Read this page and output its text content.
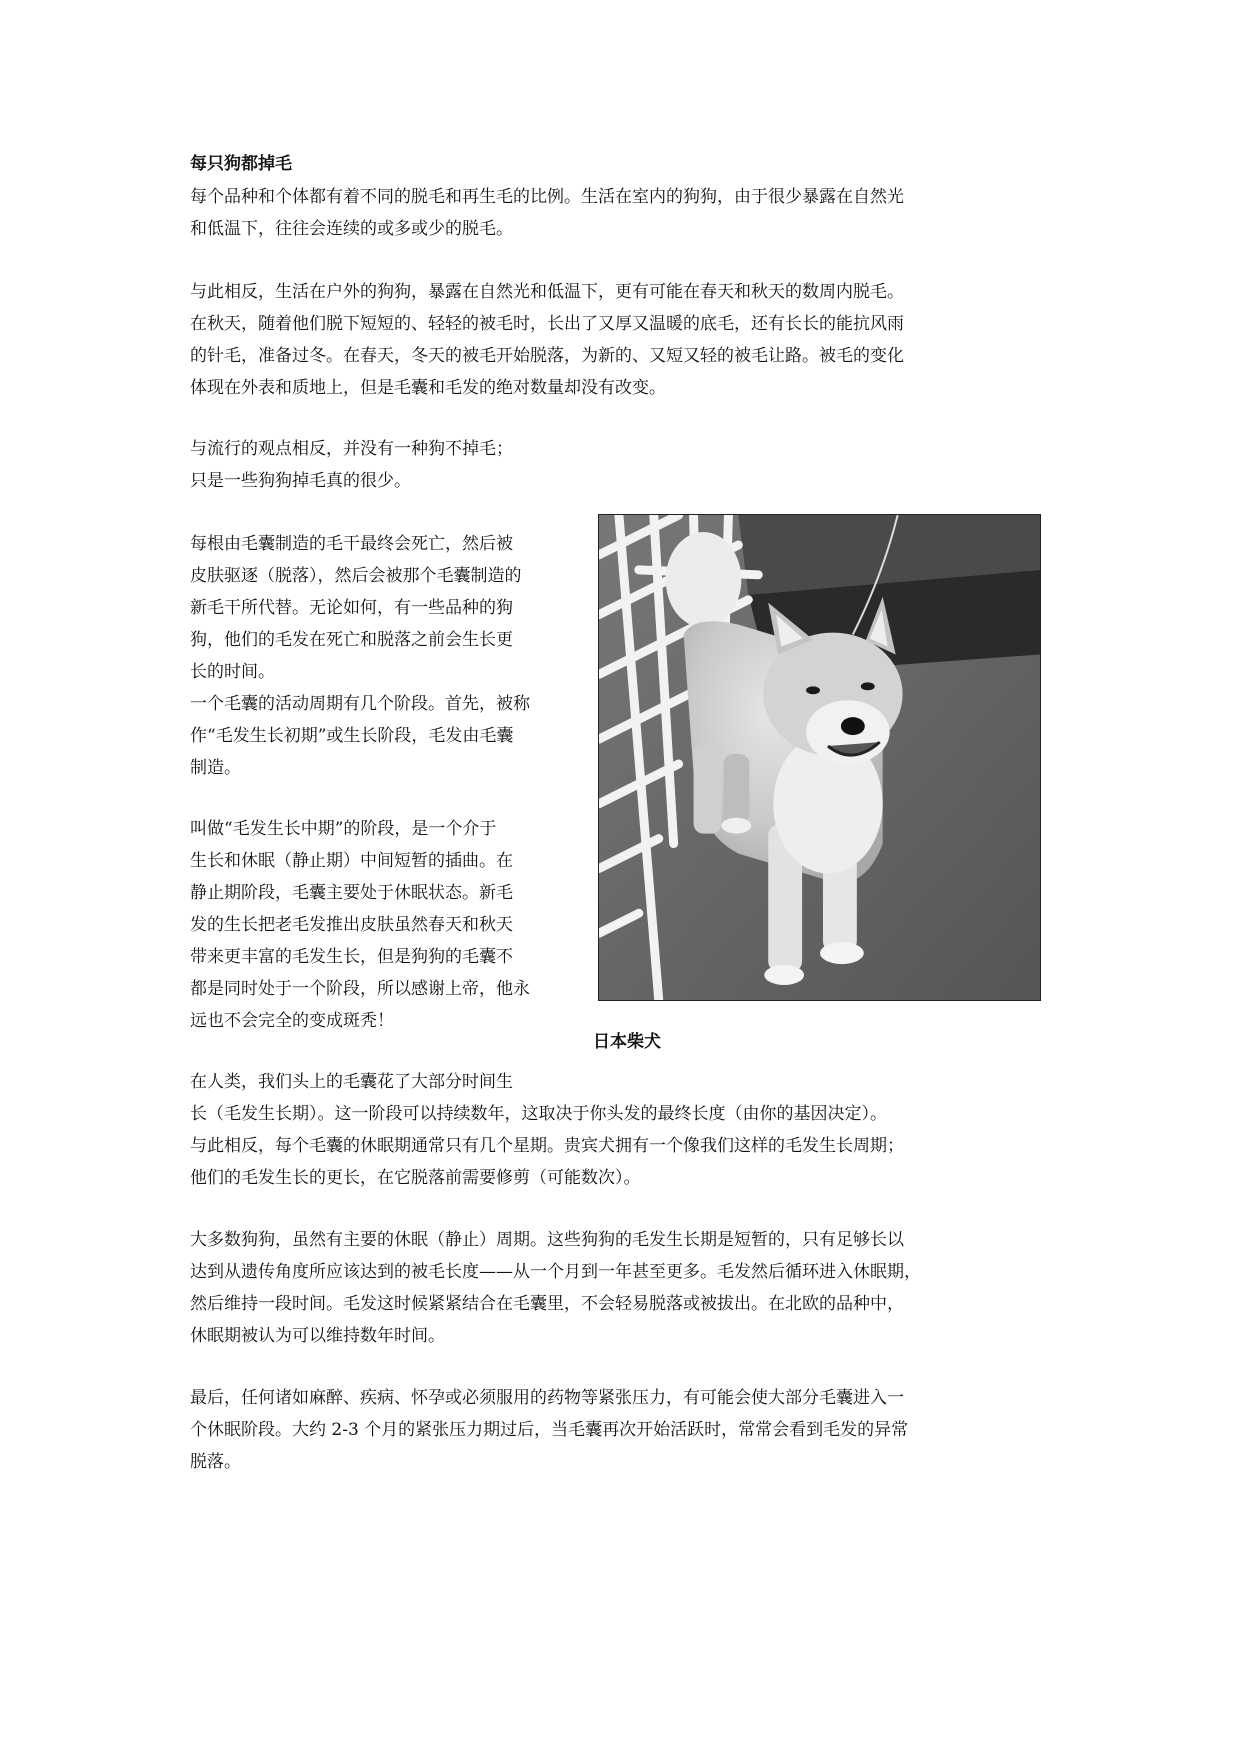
每只狗都掉毛
每个品种和个体都有着不同的脱毛和再生毛的比例。生活在室内的狗狗，由于很少暴露在自然光
和低温下，往往会连续的或多或少的脱毛。
与此相反，生活在户外的狗狗，暴露在自然光和低温下，更有可能在春天和秋天的数周内脱毛。
在秋天，随着他们脱下短短的、轻轻的被毛时，长出了又厚又温暖的底毛，还有长长的能抗风雨
的针毛，准备过冬。在春天，冬天的被毛开始脱落，为新的、又短又轻的被毛让路。被毛的变化
体现在外表和质地上，但是毛囊和毛发的绝对数量却没有改变。
与流行的观点相反，并没有一种狗不掉毛；
只是一些狗狗掉毛真的很少。
每根由毛囊制造的毛干最终会死亡，然后被
皮肤驱逐（脱落），然后会被那个毛囊制造的
新毛干所代替。无论如何，有一些品种的狗
狗，他们的毛发在死亡和脱落之前会生长更
长的时间。
一个毛囊的活动周期有几个阶段。首先，被称
作“毛发生长初期”或生长阶段，毛发由毛囊
制造。
叫做“毛发生长中期”的阶段，是一个介于
生长和休眠（静止期）中间短暂的插曲。在
静止期阶段，毛囊主要处于休眠状态。新毛
发的生长把老毛发推出皮肤虽然春天和秋天
带来更丰富的毛发生长，但是狗狗的毛囊不
都是同时处于一个阶段，所以感谢上帝，他永
远也不会完全的变成斑秃！
在人类，我们头上的毛囊花了大部分时间生
长（毛发生长期）。这一阶段可以持续数年，这取决于你头发的最终长度（由你的基因决定）。
与此相反，每个毛囊的休眠期通常只有几个星期。贵宾犬拥有一个像我们这样的毛发生长周期；
他们的毛发生长的更长，在它脱落前需要修剪（可能数次）。
大多数狗狗，虽然有主要的休眠（静止）周期。这些狗狗的毛发生长期是短暂的，只有足够长以
达到从遗传角度所应该达到的被毛长度——从一个月到一年甚至更多。毛发然后循环进入休眠期，
然后维持一段时间。毛发这时候紧紧结合在毛囊里，不会轻易脱落或被拔出。在北欧的品种中，
休眠期被认为可以维持数年时间。
最后，任何诸如麻醉、疾病、怀孕或必须服用的药物等紧张压力，有可能会使大部分毛囊进入一
个休眠阶段。大约 2-3 个月的紧张压力期过后，当毛囊再次开始活跃时，常常会看到毛发的异常
脱落。
日本柴犬
